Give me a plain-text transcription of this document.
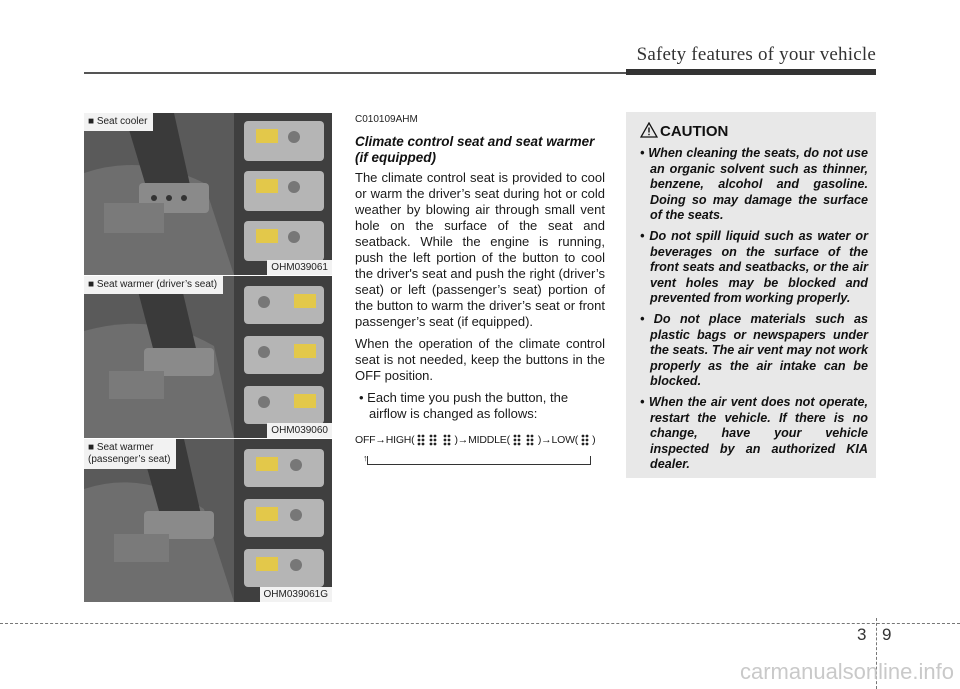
Safety features of your vehicle
■ Seat cooler
OHM039061
■ Seat warmer (driver’s seat)
OHM039060
■ Seat warmer
(passenger’s seat)
OHM039061G
C010109AHM
Climate control seat and seat warmer (if equipped)

The climate control seat is provided to cool or warm the driver’s seat during hot or cold weather by blowing air through small vent hole on the surface of the seat and seatback. While the engine is running, push the left portion of the button to cool the driver's seat and push the right (driver’s seat) or left (passenger’s seat) portion of the button to warm the driver’s seat or front passenger’s seat (if equipped).

When the operation of the climate control seat is not needed, keep the buttons in the OFF position.

• Each time you push the button, the airflow is changed as follows:

OFF→HIGH(	)→MIDDLE(	)→LOW( )
↑
CAUTION
• When cleaning the seats, do not use an organic solvent such as thinner, benzene, alcohol and gasoline. Doing so may damage the surface of the seats.
• Do not spill liquid such as water or beverages on the surface of the front seats and seatbacks, or the air vent holes may be blocked and prevented from working properly.
• Do not place materials such as plastic bags or newspapers under the seats. The air vent may not work properly as the air intake can be blocked.
• When the air vent does not operate, restart the vehicle. If there is no change, have your vehicle inspected by an authorized KIA dealer.
3 9
carmanualsonline.info
